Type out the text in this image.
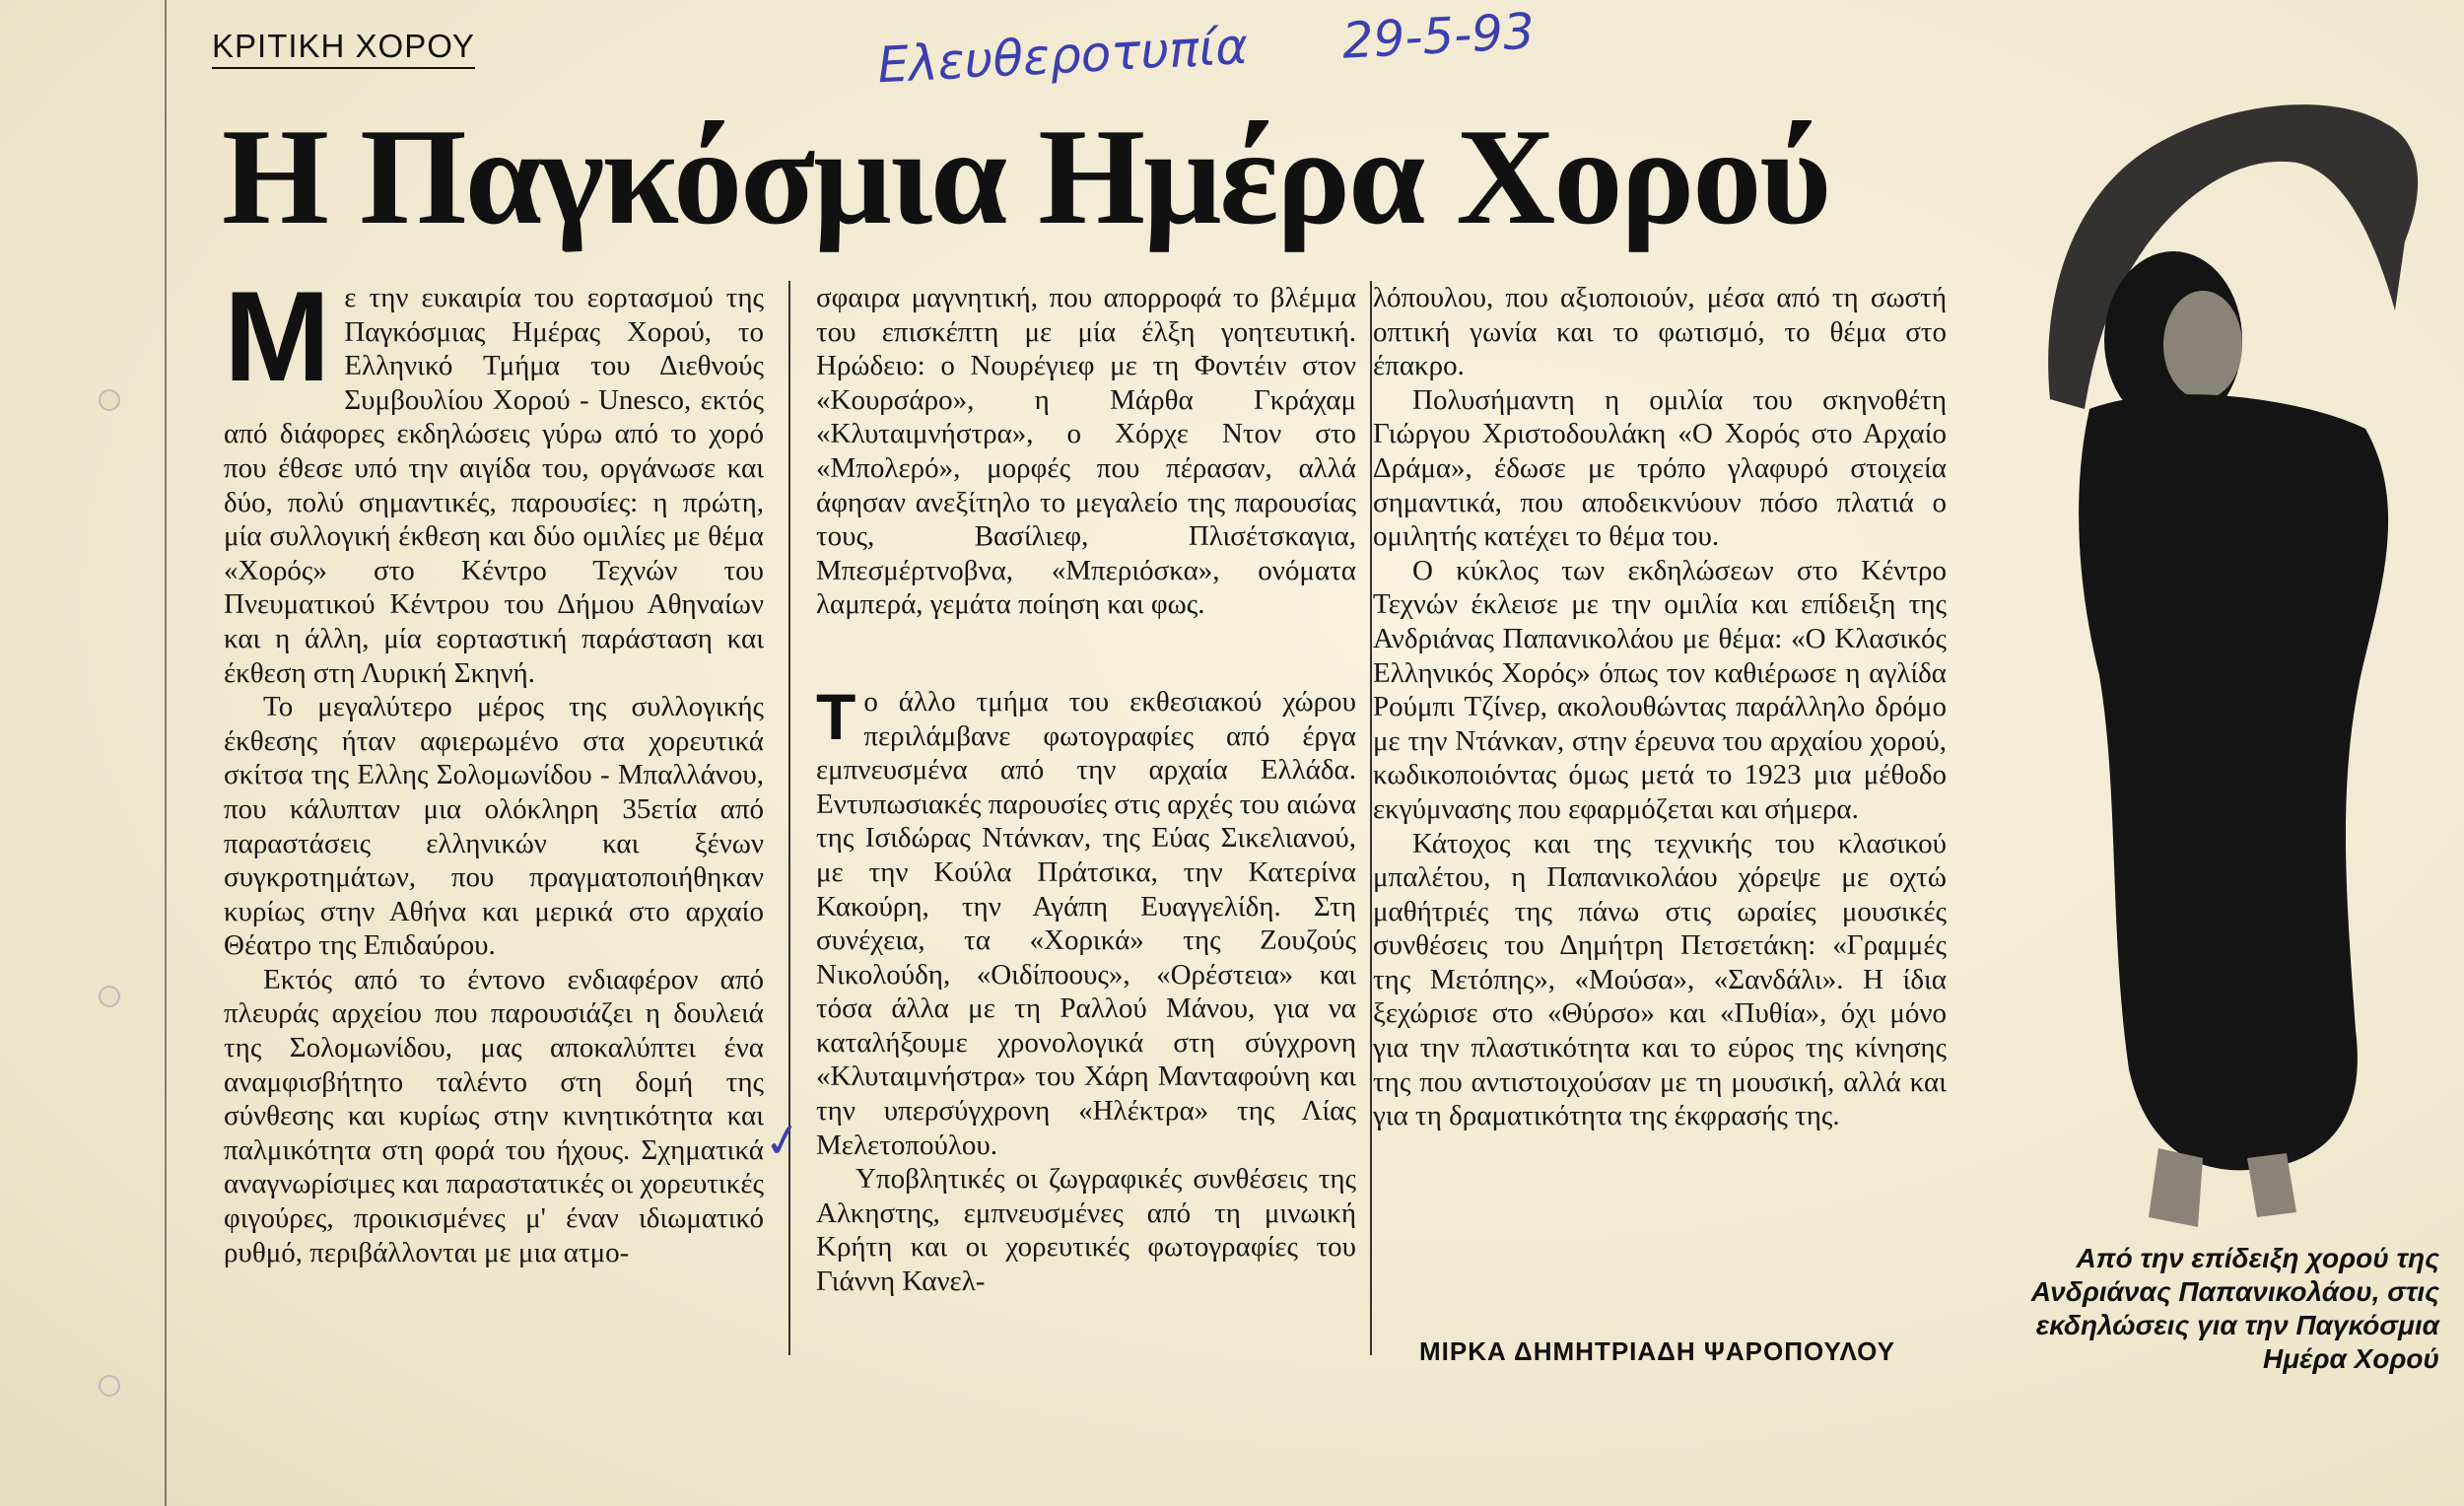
ΚΡΙΤΙΚΗ ΧΟΡΟΥ	Ελευθεροτυπία 29-5-93
Η Παγκόσμια Ημέρα Χορού

Με την ευκαιρία του εορτασμού της Παγκόσμιας Ημέρας Χορού, το Ελληνικό Τμήμα του Διεθνούς Συμβουλίου Χορού - Unesco, εκτός από διάφορες εκδηλώσεις γύρω από το χορό που έθεσε υπό την αιγίδα του, οργάνωσε και δύο, πολύ σημαντικές, παρουσίες: η πρώτη, μία συλλογική έκθεση και δύο ομιλίες με θέμα «Χορός» στο Κέντρο Τεχνών του Πνευματικού Κέντρου του Δήμου Αθηναίων και η άλλη, μία εορταστική παράσταση και έκθεση στη Λυρική Σκηνή.

Το μεγαλύτερο μέρος της συλλογικής έκθεσης ήταν αφιερωμένο στα χορευτικά σκίτσα της Ελλης Σολομωνίδου - Μπαλλάνου, που κάλυπταν μια ολόκληρη 35ετία από παραστάσεις ελληνικών και ξένων συγκροτημάτων, που πραγματοποιήθηκαν κυρίως στην Αθήνα και μερικά στο αρχαίο Θέατρο της Επιδαύρου.

Εκτός από το έντονο ενδιαφέρον από πλευράς αρχείου που παρουσιάζει η δουλειά της Σολομωνίδου, μας αποκαλύπτει ένα αναμφισβήτητο ταλέντο στη δομή της σύνθεσης και κυρίως στην κινητικότητα και παλμικότητα στη φορά του ήχους. Σχηματικά αναγνωρίσιμες και παραστατικές οι χορευτικές φιγούρες, προικισμένες μ' έναν ιδιωματικό ρυθμό, περιβάλλονται με μια ατμο-

σφαιρα μαγνητική, που απορροφά το βλέμμα του επισκέπτη με μία έλξη γοητευτική. Ηρώδειο: ο Νουρέγιεφ με τη Φοντέιν στον «Κουρσάρο», η Μάρθα Γκράχαμ «Κλυταιμνήστρα», ο Χόρχε Ντον στο «Μπολερό», μορφές που πέρασαν, αλλά άφησαν ανεξίτηλο το μεγαλείο της παρουσίας τους, Βασίλιεφ, Πλισέτσκαγια, Μπεσμέρτνοβνα, «Μπεριόσκα», ονόματα λαμπερά, γεμάτα ποίηση και φως.

Το άλλο τμήμα του εκθεσιακού χώρου περιλάμβανε φωτογραφίες από έργα εμπνευσμένα από την αρχαία Ελλάδα. Εντυπωσιακές παρουσίες στις αρχές του αιώνα της Ισιδώρας Ντάνκαν, της Εύας Σικελιανού, με την Κούλα Πράτσικα, την Κατερίνα Κακούρη, την Αγάπη Ευαγγελίδη. Στη συνέχεια, τα «Χορικά» της Ζουζούς Νικολούδη, «Οιδίποους», «Ορέστεια» και τόσα άλλα με τη Ραλλού Μάνου, για να καταλήξουμε χρονολογικά στη σύγχρονη «Κλυταιμνήστρα» του Χάρη Μανταφούνη και την υπερσύγχρονη «Ηλέκτρα» της Λίας Μελετοπούλου.

Υποβλητικές οι ζωγραφικές συνθέσεις της Αλκηστης, εμπνευσμένες από τη μινωική Κρήτη και οι χορευτικές φωτογραφίες του Γιάννη Κανελ-

✓

λόπουλου, που αξιοποιούν, μέσα από τη σωστή οπτική γωνία και το φωτισμό, το θέμα στο έπακρο.

Πολυσήμαντη η ομιλία του σκηνοθέτη Γιώργου Χριστοδουλάκη «Ο Χορός στο Αρχαίο Δράμα», έδωσε με τρόπο γλαφυρό στοιχεία σημαντικά, που αποδεικνύουν πόσο πλατιά ο ομιλητής κατέχει το θέμα του.

Ο κύκλος των εκδηλώσεων στο Κέντρο Τεχνών έκλεισε με την ομιλία και επίδειξη της Ανδριάνας Παπανικολάου με θέμα: «Ο Κλασικός Ελληνικός Χορός» όπως τον καθιέρωσε η αγλίδα Ρούμπι Τζίνερ, ακολουθώντας παράλληλο δρόμο με την Ντάνκαν, στην έρευνα του αρχαίου χορού, κωδικοποιόντας όμως μετά το 1923 μια μέθοδο εκγύμνασης που εφαρμόζεται και σήμερα.

Κάτοχος και της τεχνικής του κλασικού μπαλέτου, η Παπανικολάου χόρεψε με οχτώ μαθήτριές της πάνω στις ωραίες μουσικές συνθέσεις του Δημήτρη Πετσετάκη: «Γραμμές της Μετόπης», «Μούσα», «Σανδάλι». Η ίδια ξεχώρισε στο «Θύρσο» και «Πυθία», όχι μόνο για την πλαστικότητα και το εύρος της κίνησης της που αντιστοιχούσαν με τη μουσική, αλλά και για τη δραματικότητα της έκφρασής της.

ΜΙΡΚΑ ΔΗΜΗΤΡΙΑΔΗ ΨΑΡΟΠΟΥΛΟΥ
Από την επίδειξη χορού της Ανδριάνας Παπανικολάου, στις εκδηλώσεις για την Παγκόσμια Ημέρα Χορού
